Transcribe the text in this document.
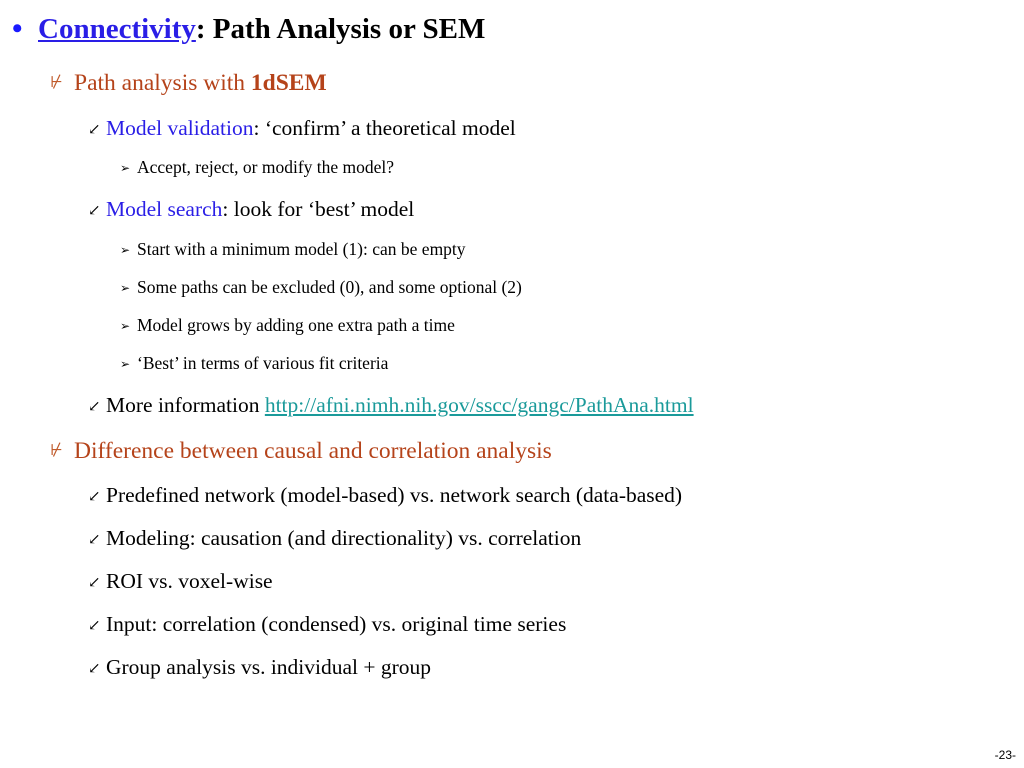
• Connectivity: Path Analysis or SEM
⊬ Path analysis with 1dSEM
↙ Model validation: ‘confirm’ a theoretical model
➢ Accept, reject, or modify the model?
↙ Model search: look for ‘best’ model
➢ Start with a minimum model (1): can be empty
➢ Some paths can be excluded (0), and some optional (2)
➢ Model grows by adding one extra path a time
➢ ‘Best’ in terms of various fit criteria
↙ More information http://afni.nimh.nih.gov/sscc/gangc/PathAna.html
⊬ Difference between causal and correlation analysis
↙ Predefined network (model-based) vs. network search (data-based)
↙ Modeling: causation (and directionality) vs. correlation
↙ ROI vs. voxel-wise
↙ Input: correlation (condensed) vs. original time series
↙ Group analysis vs. individual + group
-23-
